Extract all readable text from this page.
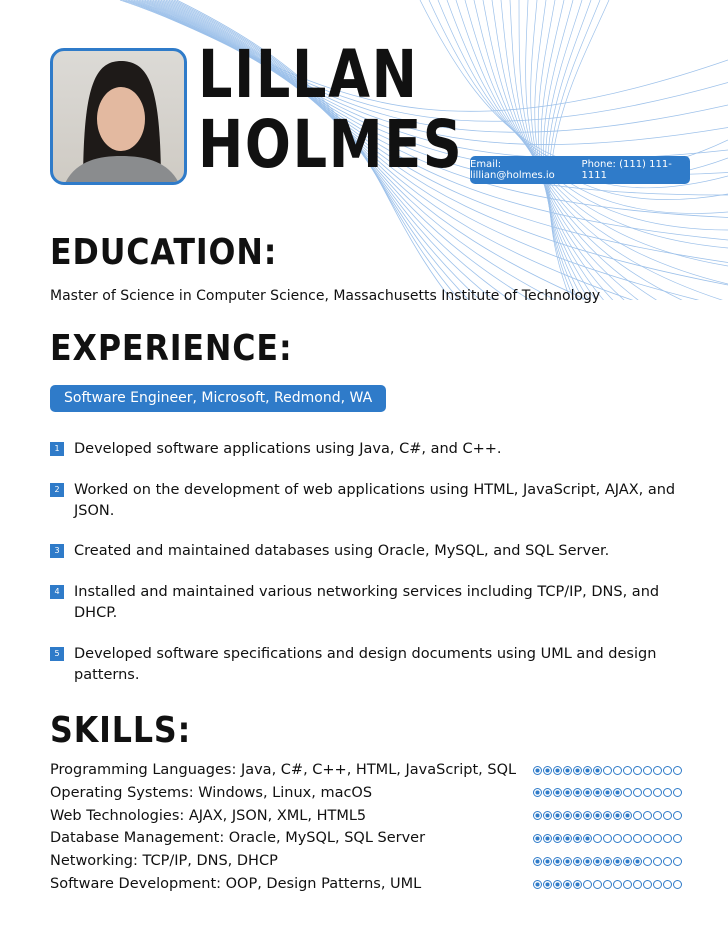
LILLAN
HOLMES Email: lillian@holmes.io
Phone: (111) 111-1111
EDUCATION:
Master of Science in Computer Science, Massachusetts Institute of Technology
EXPERIENCE:
Software Engineer, Microsoft, Redmond, WA
1 Developed software applications using Java, C#, and C++.
2 Worked on the development of web applications using HTML, JavaScript, AJAX, and JSON.
3 Created and maintained databases using Oracle, MySQL, and SQL Server.
4 Installed and maintained various networking services including TCP/IP, DNS, and DHCP.
5 Developed software specifications and design documents using UML and design patterns.
SKILLS:
Programming Languages: Java, C#, C++, HTML, JavaScript, SQL
Operating Systems: Windows, Linux, macOS
Web Technologies: AJAX, JSON, XML, HTML5
Database Management: Oracle, MySQL, SQL Server
Networking: TCP/IP, DNS, DHCP
Software Development: OOP, Design Patterns, UML
